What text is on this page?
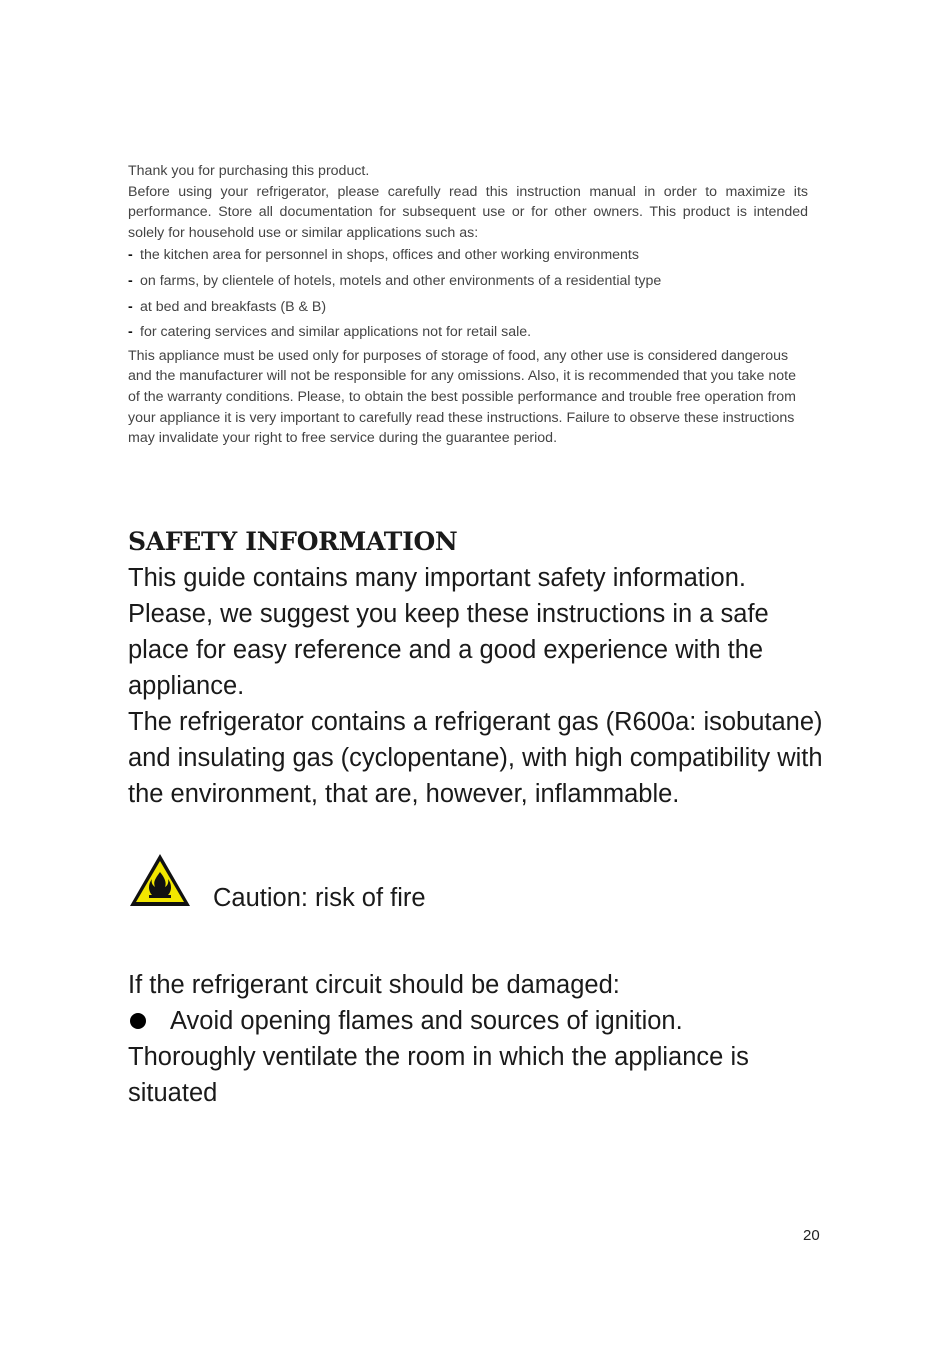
Thank you for purchasing this product.

Before using your refrigerator, please carefully read this instruction manual in order to maximize its performance. Store all documentation for subsequent use or for other owners. This product is intended solely for household use or similar applications such as:

- the kitchen area for personnel in shops, offices and other working environments
- on farms, by clientele of hotels, motels and other environments of a residential type
- at bed and breakfasts (B & B)
- for catering services and similar applications not for retail sale.

This appliance must be used only for purposes of storage of food, any other use is considered dangerous and the manufacturer will not be responsible for any omissions. Also, it is recommended that you take note of the warranty conditions. Please, to obtain the best possible performance and trouble free operation from your appliance it is very important to carefully read these instructions. Failure to observe these instructions may invalidate your right to free service during the guarantee period.

SAFETY INFORMATION

This guide contains many important safety information. Please, we suggest you keep these instructions in a safe place for easy reference and a good experience with the appliance.

The refrigerator contains a refrigerant gas (R600a: isobutane) and insulating gas (cyclopentane), with high compatibility with the environment, that are, however, inflammable.

Caution: risk of fire

If the refrigerant circuit should be damaged:

Avoid opening flames and sources of ignition.

Thoroughly ventilate the room in which the appliance is situated

20
